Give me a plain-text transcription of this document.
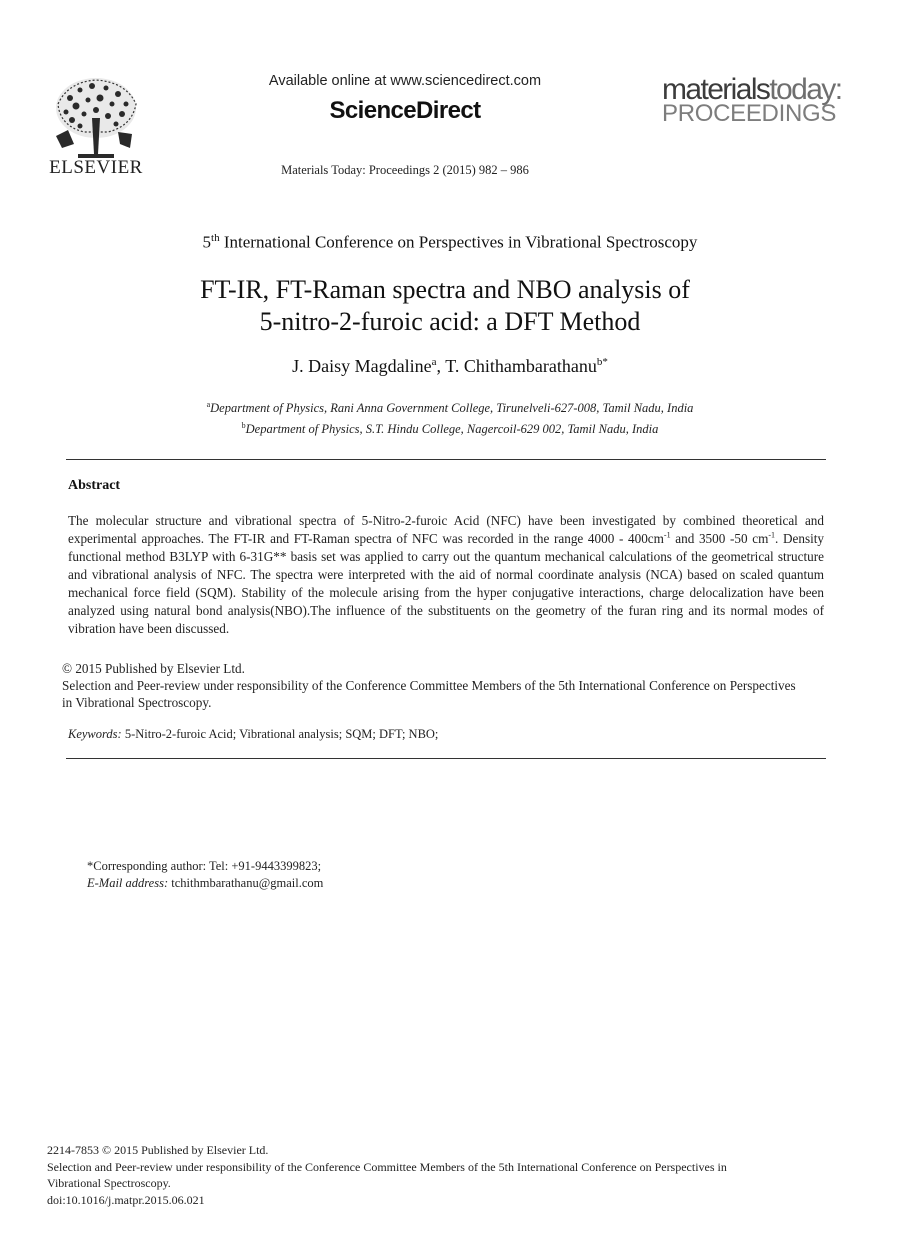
ELSEVIER
Available online at www.sciencedirect.com
ScienceDirect
Materials Today: Proceedings 2 (2015) 982 – 986
materialstoday:
PROCEEDINGS
5th International Conference on Perspectives in Vibrational Spectroscopy
FT-IR, FT-Raman spectra and NBO analysis of
5-nitro-2-furoic acid: a DFT Method
J. Daisy Magdaline$^a$, T. Chithambarathanu$^{b*}$
$^a$Department of Physics, Rani Anna Government College, Tirunelveli-627-008, Tamil Nadu, India
$^b$Department of Physics, S.T. Hindu College, Nagercoil-629 002, Tamil Nadu, India
Abstract
The molecular structure and vibrational spectra of 5-Nitro-2-furoic Acid (NFC) have been investigated by combined theoretical and experimental approaches. The FT-IR and FT-Raman spectra of NFC was recorded in the range $4000 - 400cm^{-1}$ and 3500 -50 $cm^{-1}$. Density functional method B3LYP with 6-31G** basis set was applied to carry out the quantum mechanical calculations of the geometrical structure and vibrational analysis of NFC. The spectra were interpreted with the aid of normal coordinate analysis (NCA) based on scaled quantum mechanical force field (SQM). Stability of the molecule arising from the hyper conjugative interactions, charge delocalization have been analyzed using natural bond analysis(NBO).The influence of the substituents on the geometry of the furan ring and its normal modes of vibration have been discussed.
© 2015 Published by Elsevier Ltd.
Selection and Peer-review under responsibility of the Conference Committee Members of the 5th International Conference on Perspectives in Vibrational Spectroscopy.
Keywords: 5-Nitro-2-furoic Acid; Vibrational analysis; SQM; DFT; NBO;
*Corresponding author: Tel: +91-9443399823;
E-Mail address: tchithmbarathanu@gmail.com
2214-7853 © 2015 Published by Elsevier Ltd.
Selection and Peer-review under responsibility of the Conference Committee Members of the 5th International Conference on Perspectives in Vibrational Spectroscopy.
doi:10.1016/j.matpr.2015.06.021
